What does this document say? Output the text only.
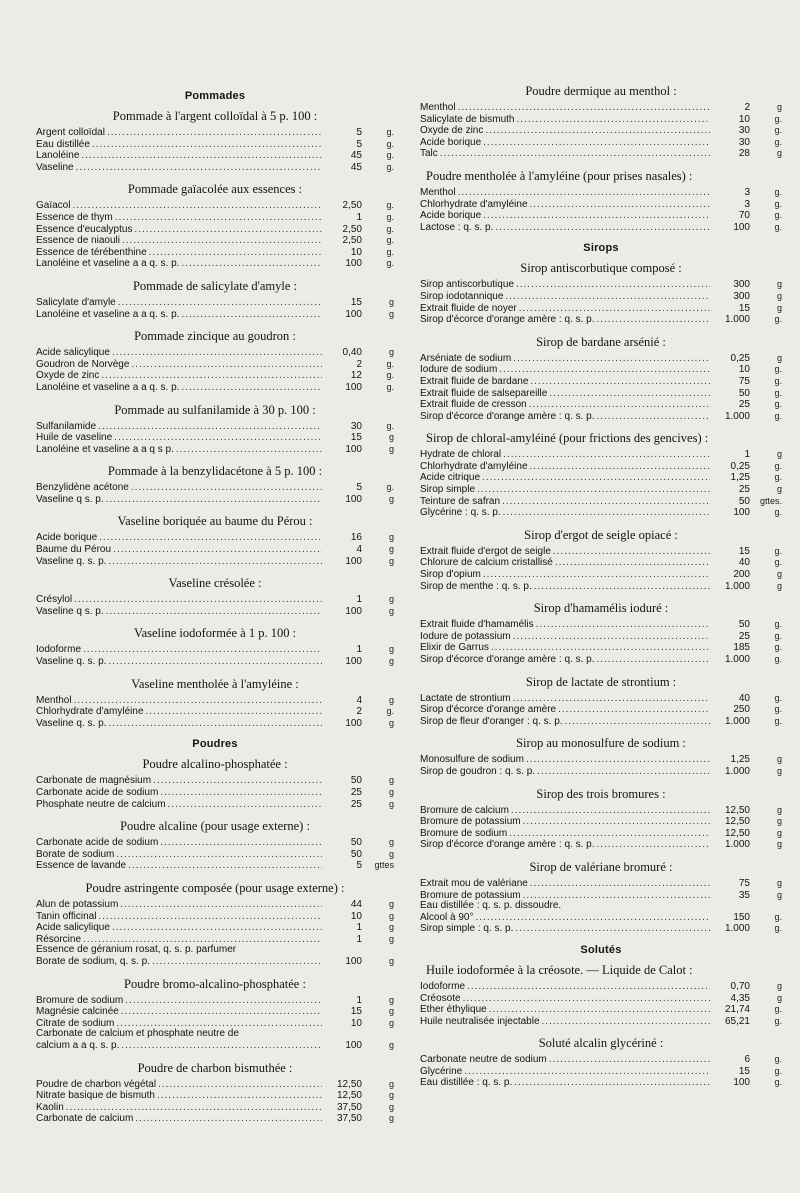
Pommades
Pommade à l'argent colloïdal à 5 p. 100 :
Argent colloïdal .....	5	g.
Eau distillée .....	5	g.
Lanoléine .....	45	g.
Vaseline .....	45	g.
Pommade gaïacolée aux essences :
Gaïacol .....	2,50	g.
Essence de thym .....	1	g.
Essence d'eucalyptus .....	2,50	g.
Essence de niaouli .....	2,50	g.
Essence de térébenthine .....	10	g.
Lanoléine et vaseline a a q. s. p. .....	100	g.
Pommade de salicylate d'amyle :
Salicylate d'amyle .....	15	g
Lanoléine et vaseline a a q. s. p. .....	100	g
Pommade zincique au goudron :
Acide salicylique .....	0,40	g
Goudron de Norvège .....	2	g.
Oxyde de zinc .....	12	g.
Lanoléine et vaseline a a q. s. p. .....	100	g.
Pommade au sulfanilamide à 30 p. 100 :
Sulfanilamide .....	30	g.
Huile de vaseline .....	15	g
Lanoléine et vaseline a a q s p. .....	100	g
Pommade à la benzylidacétone à 5 p. 100 :
Benzylidène acétone .....	5	g.
Vaseline q s. p. .....	100	g
Vaseline boriquée au baume du Pérou :
Acide borique .....	16	g
Baume du Pérou .....	4	g
Vaseline q. s. p. .....	100	g
Vaseline crésolée :
Crésylol .....	1	g
Vaseline q s. p. .....	100	g
Vaseline iodoformée à 1 p. 100 :
Iodoforme .....	1	g
Vaseline q. s. p. .....	100	g
Vaseline mentholée à l'amyléine :
Menthol .....	4	g
Chlorhydrate d'amyléine .....	2	g.
Vaseline q. s. p. .....	100	g
Poudres
Poudre alcalino-phosphatée :
Carbonate de magnésium .....	50	g
Carbonate acide de sodium .....	25	g
Phosphate neutre de calcium .....	25	g
Poudre alcaline (pour usage externe) :
Carbonate acide de sodium .....	50	g
Borate de sodium .....	50	g
Essence de lavande .....	5	gttes
Poudre astringente composée (pour usage externe) :
Alun de potassium .....	44	g
Tanin officinal .....	10	g
Acide salicylique .....	1	g
Résorcine .....	1	g
Essence de géranium rosat, q. s. p. parfumer
Borate de sodium, q. s. p. .....	100	g
Poudre bromo-alcalino-phosphatée :
Bromure de sodium .....	1	g
Magnésie calcinée .....	15	g
Citrate de sodium .....	10	g
Carbonate de calcium et phosphate neutre de
calcium a a q. s. p. .....	100	g
Poudre de charbon bismuthée :
Poudre de charbon végétal .....	12,50	g
Nitrate basique de bismuth .....	12,50	g
Kaolin .....	37,50	g
Carbonate de calcium .....	37,50	g
Poudre dermique au menthol :
Menthol .....	2	g
Salicylate de bismuth .....	10	g.
Oxyde de zinc .....	30	g.
Acide borique .....	30	g.
Talc .....	28	g
Poudre mentholée à l'amyléine (pour prises nasales) :
Menthol .....	3	g.
Chlorhydrate d'amyléine .....	3	g.
Acide borique .....	70	g.
Lactose : q. s. p. .....	100	g.
Sirops
Sirop antiscorbutique composé :
Sirop antiscorbutique .....	300	g
Sirop iodotannique .....	300	g
Extrait fluide de noyer .....	15	g
Sirop d'écorce d'orange amère : q. s. p. .....	1.000	g.
Sirop de bardane arsénié :
Arséniate de sodium .....	0,25	g
Iodure de sodium .....	10	g.
Extrait fluide de bardane .....	75	g.
Extrait fluide de salsepareille .....	50	g.
Extrait fluide de cresson .....	25	g.
Sirop d'écorce d'orange amère : q. s. p. .....	1.000	g.
Sirop de chloral-amyléiné (pour frictions des gencives) :
Hydrate de chloral .....	1	g
Chlorhydrate d'amyléine .....	0,25	g.
Acide citrique .....	1,25	g.
Sirop simple .....	25	g
Teinture de safran .....	50	gttes.
Glycérine : q. s. p. .....	100	g.
Sirop d'ergot de seigle opiacé :
Extrait fluide d'ergot de seigle .....	15	g.
Chlorure de calcium cristallisé .....	40	g.
Sirop d'opium .....	200	g
Sirop de menthe : q. s. p. .....	1.000	g
Sirop d'hamamélis ioduré :
Extrait fluide d'hamamélis .....	50	g.
Iodure de potassium .....	25	g.
Elixir de Garrus .....	185	g.
Sirop d'écorce d'orange amère : q. s. p. .....	1.000	g.
Sirop de lactate de strontium :
Lactate de strontium .....	40	g.
Sirop d'écorce d'orange amère .....	250	g.
Sirop de fleur d'oranger : q. s. p. .....	1.000	g.
Sirop au monosulfure de sodium :
Monosulfure de sodium .....	1,25	g
Sirop de goudron : q. s. p. .....	1.000	g
Sirop des trois bromures :
Bromure de calcium .....	12,50	g
Bromure de potassium .....	12,50	g
Bromure de sodium .....	12,50	g
Sirop d'écorce d'orange amère : q. s. p. .....	1.000	g
Sirop de valériane bromuré :
Extrait mou de valériane .....	75	g
Bromure de potassium .....	35	g
Eau distillée : q. s. p. dissoudre.
Alcool à 90° .....	150	g.
Sirop simple : q. s. p. .....	1.000	g.
Solutés
Huile iodoformée à la créosote. — Liquide de Calot :
Iodoforme .....	0,70	g
Créosote .....	4,35	g
Ether éthylique .....	21,74	g.
Huile neutralisée injectable .....	65,21	g.
Soluté alcalin glycériné :
Carbonate neutre de sodium .....	6	g.
Glycérine .....	15	g.
Eau distillée : q. s. p. .....	100	g.
